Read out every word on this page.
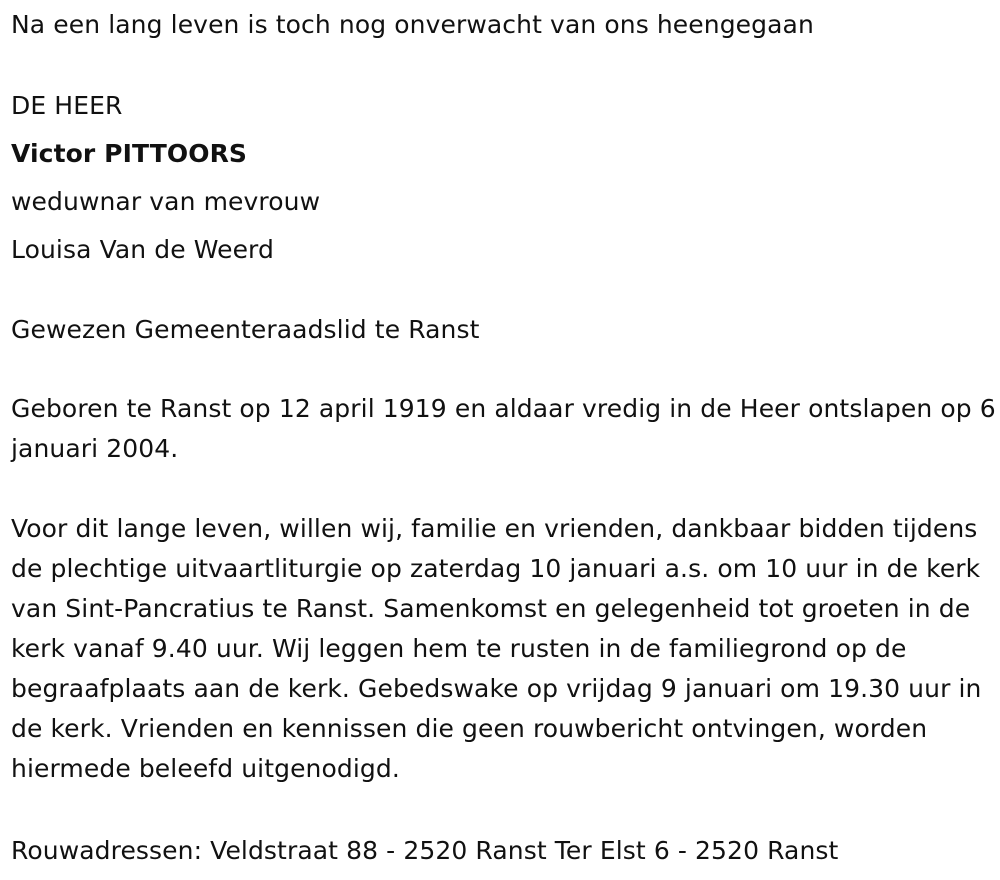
Na een lang leven is toch nog onverwacht van ons heengegaan

DE HEER

Victor PITTOORS

weduwnar van mevrouw

Louisa Van de Weerd

Gewezen Gemeenteraadslid te Ranst

Geboren te Ranst op 12 april 1919 en aldaar vredig in de Heer ontslapen op 6 januari 2004.

Voor dit lange leven, willen wij, familie en vrienden, dankbaar bidden tijdens de plechtige uitvaartliturgie op zaterdag 10 januari a.s. om 10 uur in de kerk van Sint-Pancratius te Ranst. Samenkomst en gelegenheid tot groeten in de kerk vanaf 9.40 uur. Wij leggen hem te rusten in de familiegrond op de begraafplaats aan de kerk. Gebedswake op vrijdag 9 januari om 19.30 uur in de kerk. Vrienden en kennissen die geen rouwbericht ontvingen, worden hiermede beleefd uitgenodigd.

Rouwadressen: Veldstraat 88 - 2520 Ranst Ter Elst 6 - 2520 Ranst
